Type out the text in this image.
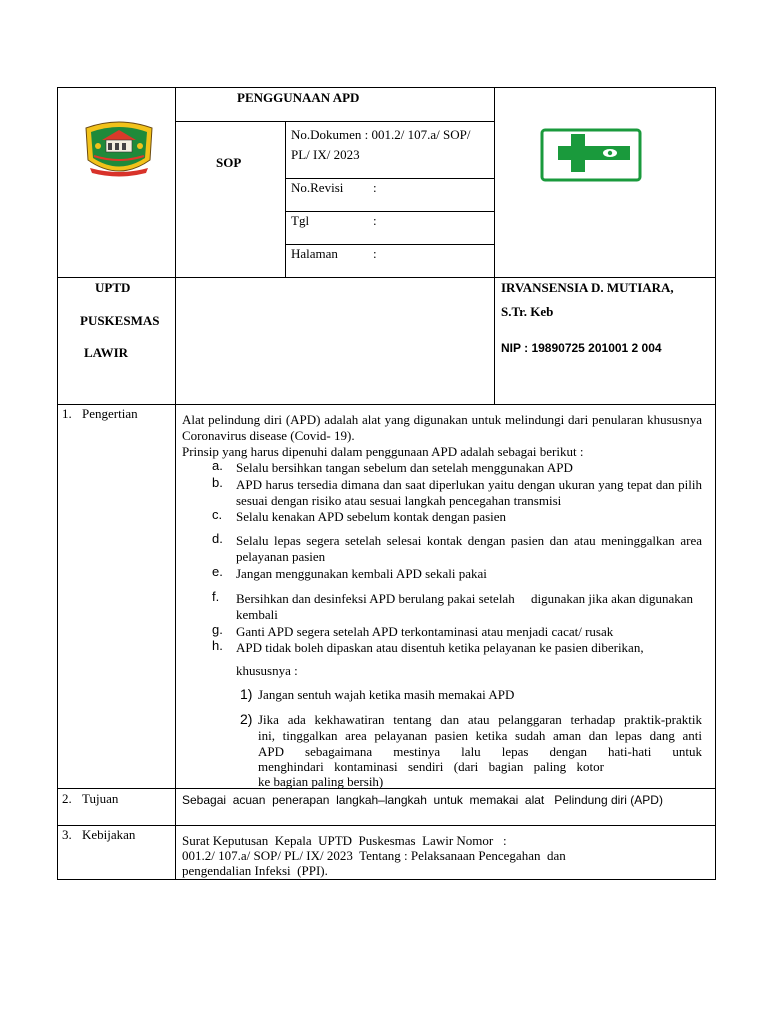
PENGGUNAAN APD
SOP
No.Dokumen : 001.2/ 107.a/ SOP/ PL/ IX/ 2023
No.Revisi :
Tgl	:
Halaman	:
UPTD
PUSKESMAS
LAWIR
IRVANSENSIA D. MUTIARA,
S.Tr. Keb
NIP : 19890725 201001 2 004
1. Pengertian	Alat pelindung diri (APD) adalah alat yang digunakan untuk melindungi dari penularan khususnya Coronavirus disease (Covid- 19).
Prinsip yang harus dipenuhi dalam penggunaan APD adalah sebagai berikut :
a. Selalu bersihkan tangan sebelum dan setelah menggunakan APD
b. APD harus tersedia dimana dan saat diperlukan yaitu dengan ukuran yang tepat dan pilih sesuai dengan risiko atau sesuai langkah pencegahan transmisi
c. Selalu kenakan APD sebelum kontak dengan pasien
d. Selalu lepas segera setelah selesai kontak dengan pasien dan atau meninggalkan area pelayanan pasien
e. Jangan menggunakan kembali APD sekali pakai
f. Bersihkan dan desinfeksi APD berulang pakai setelah     digunakan jika akan digunakan kembali
g. Ganti APD segera setelah APD terkontaminasi atau menjadi cacat/ rusak
h. APD tidak boleh dipaskan atau disentuh ketika pelayanan ke pasien diberikan,
khususnya :
1) Jangan sentuh wajah ketika masih memakai APD
2) Jika ada kekhawatiran tentang dan atau pelanggaran terhadap praktik-praktik
ini, tinggalkan area pelayanan pasien ketika sudah aman dan lepas dang anti
APD sebagaimana mestinya lalu lepas dengan hati-hati untuk
menghindari kontaminasi sendiri (dari bagian paling kotor
ke bagian paling bersih)
2. Tujuan	Sebagai  acuan  penerapan  langkah–langkah  untuk  memakai  alat   Pelindung diri (APD)
3. Kebijakan	Surat Keputusan  Kepala  UPTD  Puskesmas  Lawir Nomor   :
001.2/ 107.a/ SOP/ PL/ IX/ 2023  Tentang : Pelaksanaan Pencegahan  dan
pengendalian Infeksi  (PPI).
